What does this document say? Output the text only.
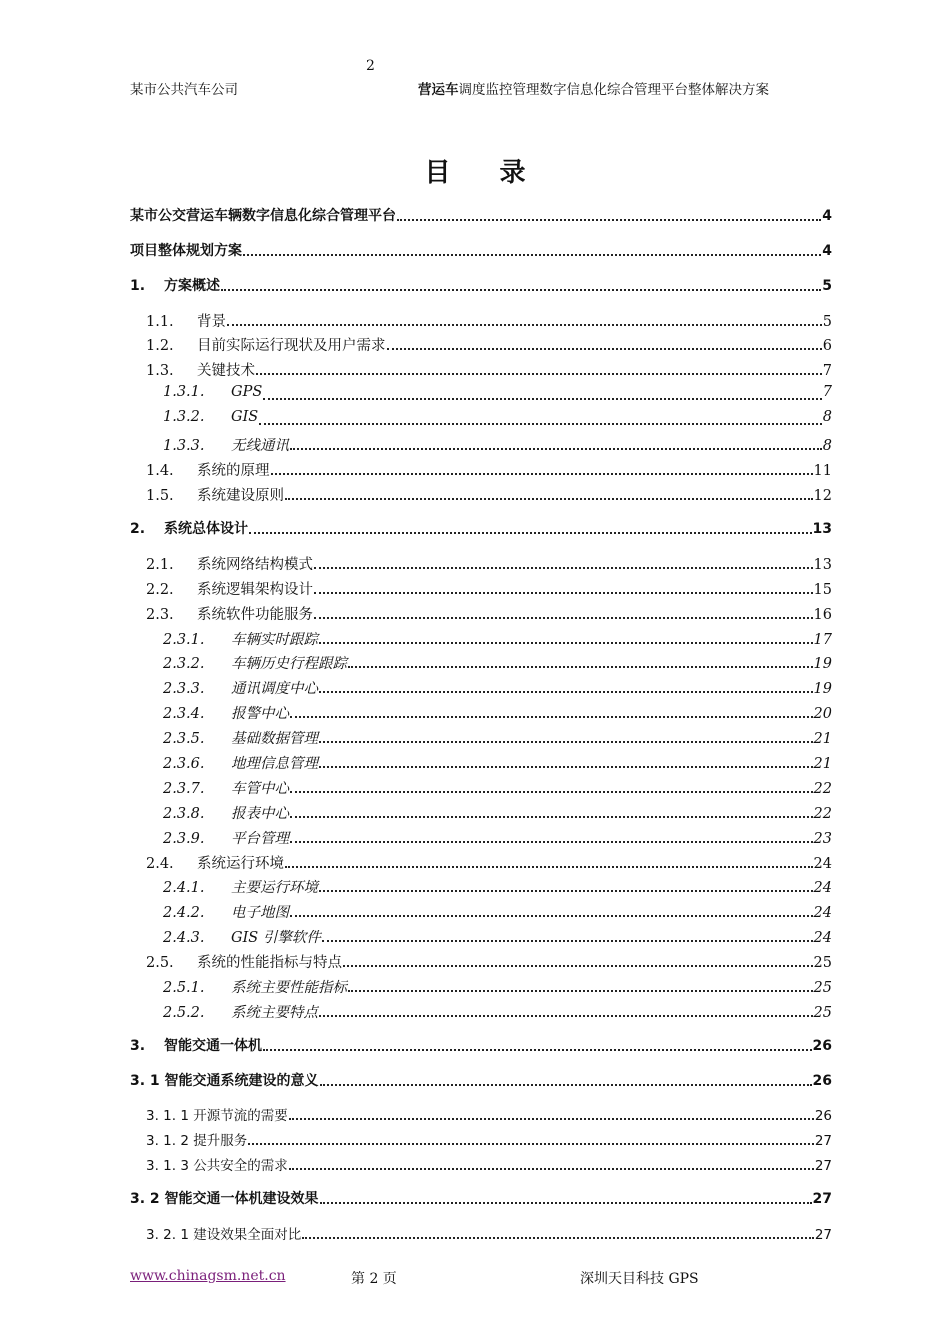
2
某市公共汽车公司	营运车调度监控管理数字信息化综合管理平台整体解决方案
目 录
某市公交营运车辆数字信息化综合管理平台	4
项目整体规划方案	4
1.	方案概述	5
1.1.	背景	5
1.2.	目前实际运行现状及用户需求	6
1.3.	关键技术	7
1.3.1.	GPS	7
1.3.2.	GIS	8
1.3.3.	无线通讯	8
1.4.	系统的原理	11
1.5.	系统建设原则	12
2.	系统总体设计	13
2.1.	系统网络结构模式	13
2.2.	系统逻辑架构设计	15
2.3.	系统软件功能服务	16
2.3.1.	车辆实时跟踪	17
2.3.2.	车辆历史行程跟踪	19
2.3.3.	通讯调度中心	19
2.3.4.	报警中心	20
2.3.5.	基础数据管理	21
2.3.6.	地理信息管理	21
2.3.7.	车管中心	22
2.3.8.	报表中心	22
2.3.9.	平台管理	23
2.4.	系统运行环境	24
2.4.1.	主要运行环境	24
2.4.2.	电子地图	24
2.4.3.	GIS 引擎软件	24
2.5.	系统的性能指标与特点	25
2.5.1.	系统主要性能指标	25
2.5.2.	系统主要特点	25
3.	智能交通一体机	26
3. 1 智能交通系统建设的意义	26
3. 1. 1 开源节流的需要	26
3. 1. 2 提升服务	27
3. 1. 3 公共安全的需求	27
3. 2 智能交通一体机建设效果	27
3. 2. 1 建设效果全面对比	27
www.chinagsm.net.cn	第 2 页	深圳天目科技 GPS
